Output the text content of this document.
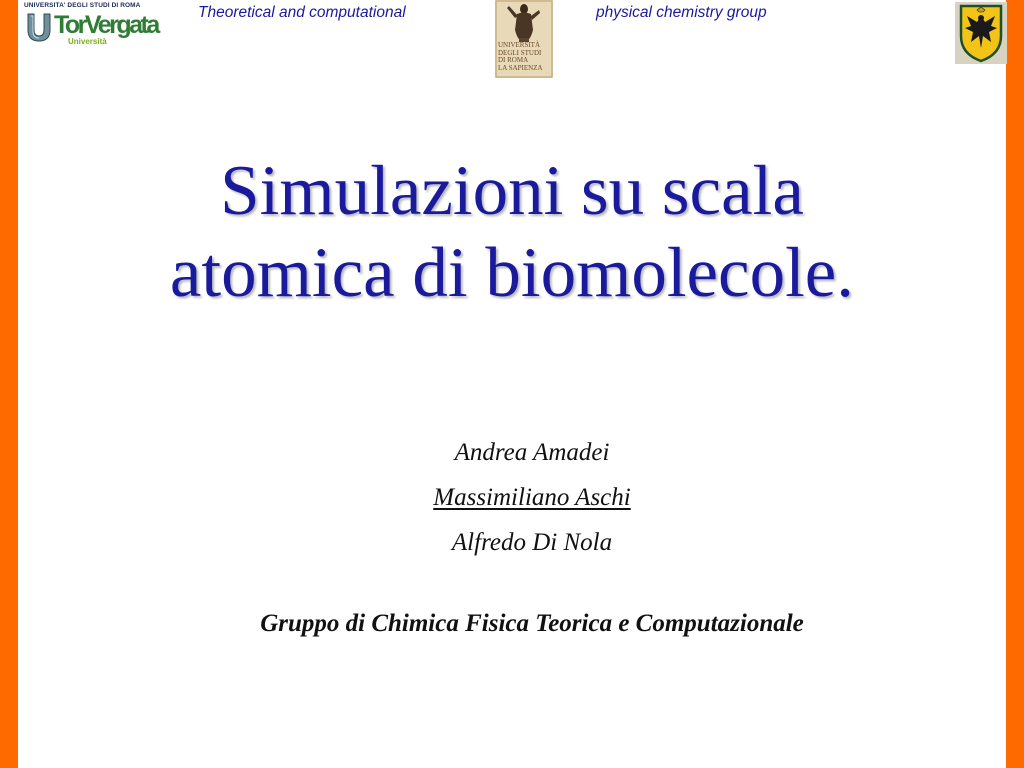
UNIVERSITA' DEGLI STUDI DI ROMA
TorVergata
Università
Theoretical and computational
UNIVERSITÀ
DEGLI STUDI
DI ROMA
LA SAPIENZA
physical chemistry group
Simulazioni su scala
atomica di biomolecole.
Andrea Amadei
Massimiliano Aschi
Alfredo Di Nola
Gruppo di Chimica Fisica Teorica e Computazionale
